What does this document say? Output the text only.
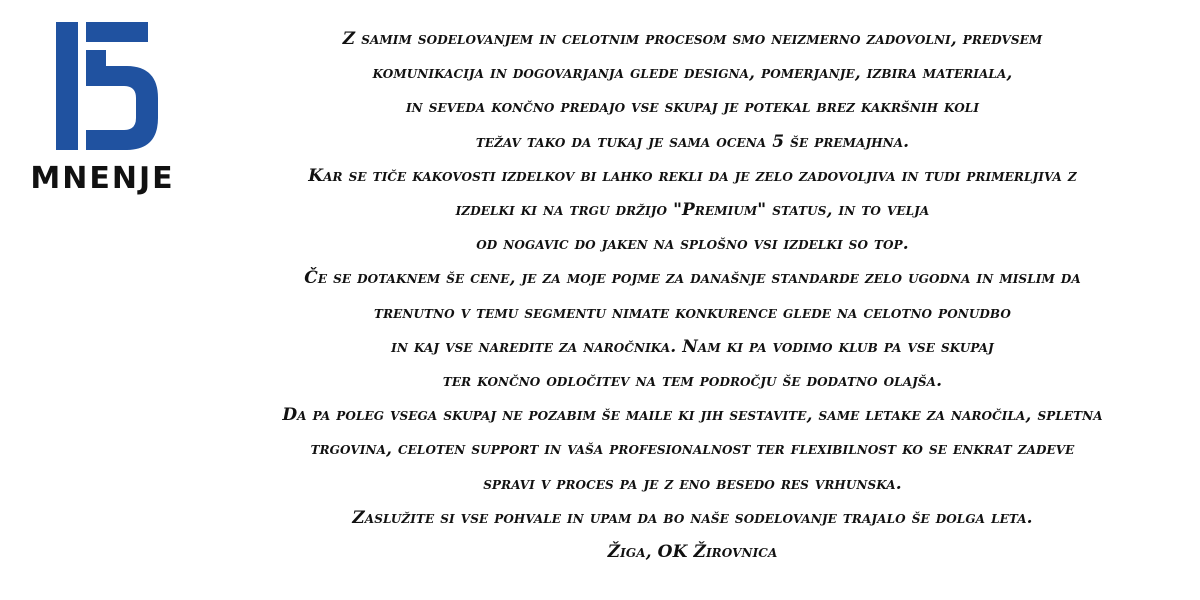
MNENJE
Z samim sodelovanjem in celotnim procesom smo neizmerno zadovolni, predvsem
komunikacija in dogovarjanja glede designa, pomerjanje, izbira materiala,
in seveda končno predajo vse skupaj je potekal brez kakršnih koli
težav tako da tukaj je sama ocena 5 še premajhna.
Kar se tiče kakovosti izdelkov bi lahko rekli da je zelo zadovoljiva in tudi primerljiva z
izdelki ki na trgu držijo "Premium" status, in to velja
od nogavic do jaken na splošno vsi izdelki so top.
Če se dotaknem še cene, je za moje pojme za današnje standarde zelo ugodna in mislim da
trenutno v temu segmentu nimate konkurence glede na celotno ponudbo
in kaj vse naredite za naročnika. Nam ki pa vodimo klub pa vse skupaj
ter končno odločitev na tem področju še dodatno olajša.
Da pa poleg vsega skupaj ne pozabim še maile ki jih sestavite, same letake za naročila, spletna
trgovina, celoten support in vaša profesionalnost ter flexibilnost ko se enkrat zadeve
spravi v proces pa je z eno besedo res vrhunska.
Zaslužite si vse pohvale in upam da bo naše sodelovanje trajalo še dolga leta.
Žiga, OK Žirovnica
